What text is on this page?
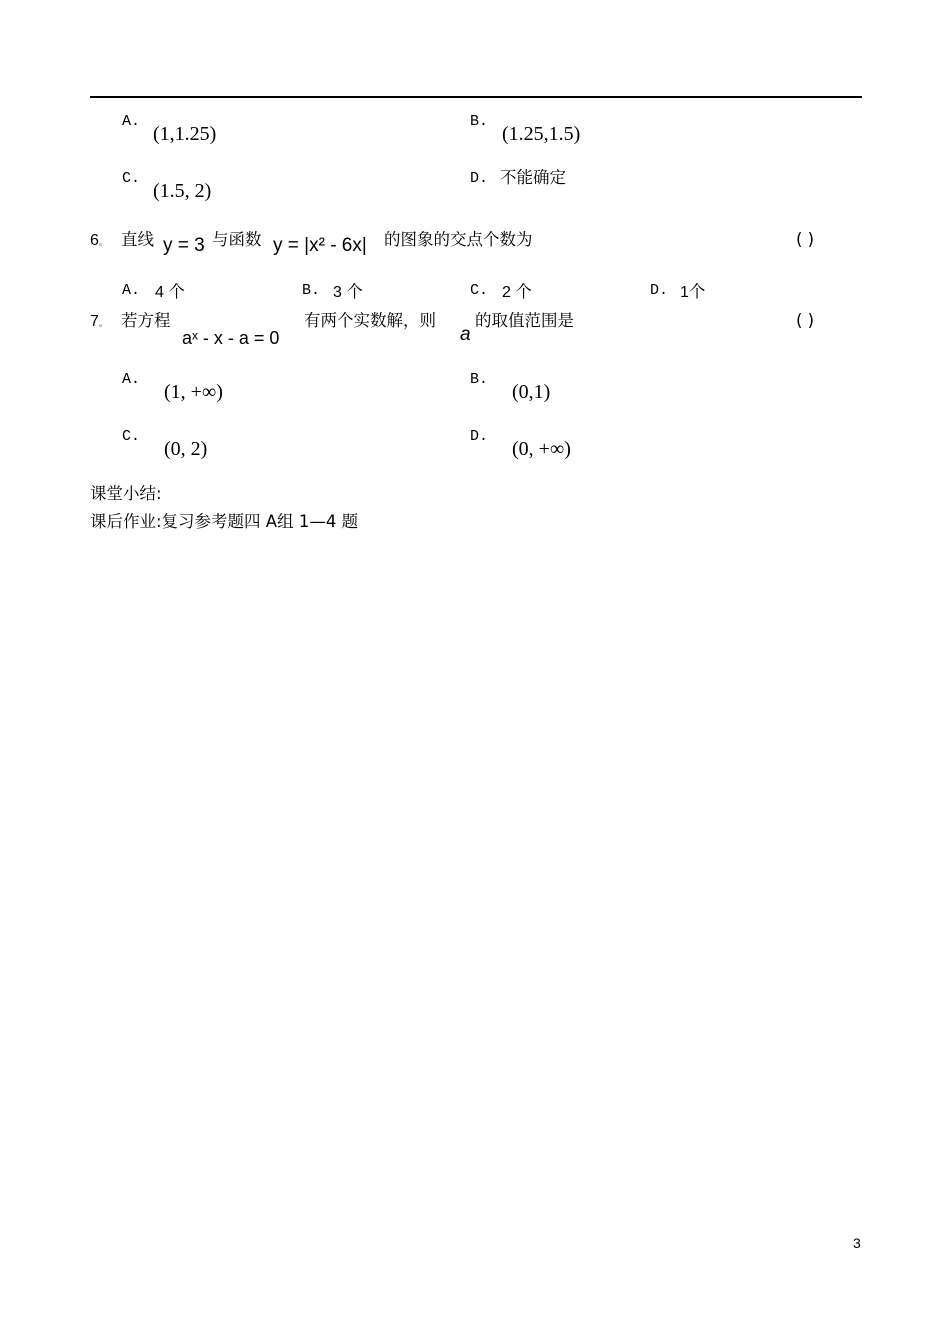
A.
(1,1.25)
B.
(1.25,1.5)
C.
(1.5, 2)
D. 不能确定
6。 直线 y = 3 与函数 y = |x² - 6x| 的图象的交点个数为	( )
A. 4 个	B. 3 个	C. 2 个	D. 1个
7。 若方程
aˣ - x - a = 0
有两个实数解，则
a
的取值范围是	( )
A.
(1, +∞)
B.
(0,1)
C.
(0, 2)
D.
(0, +∞)
课堂小结:
课后作业:复习参考题四 A组 1—4 题
3
